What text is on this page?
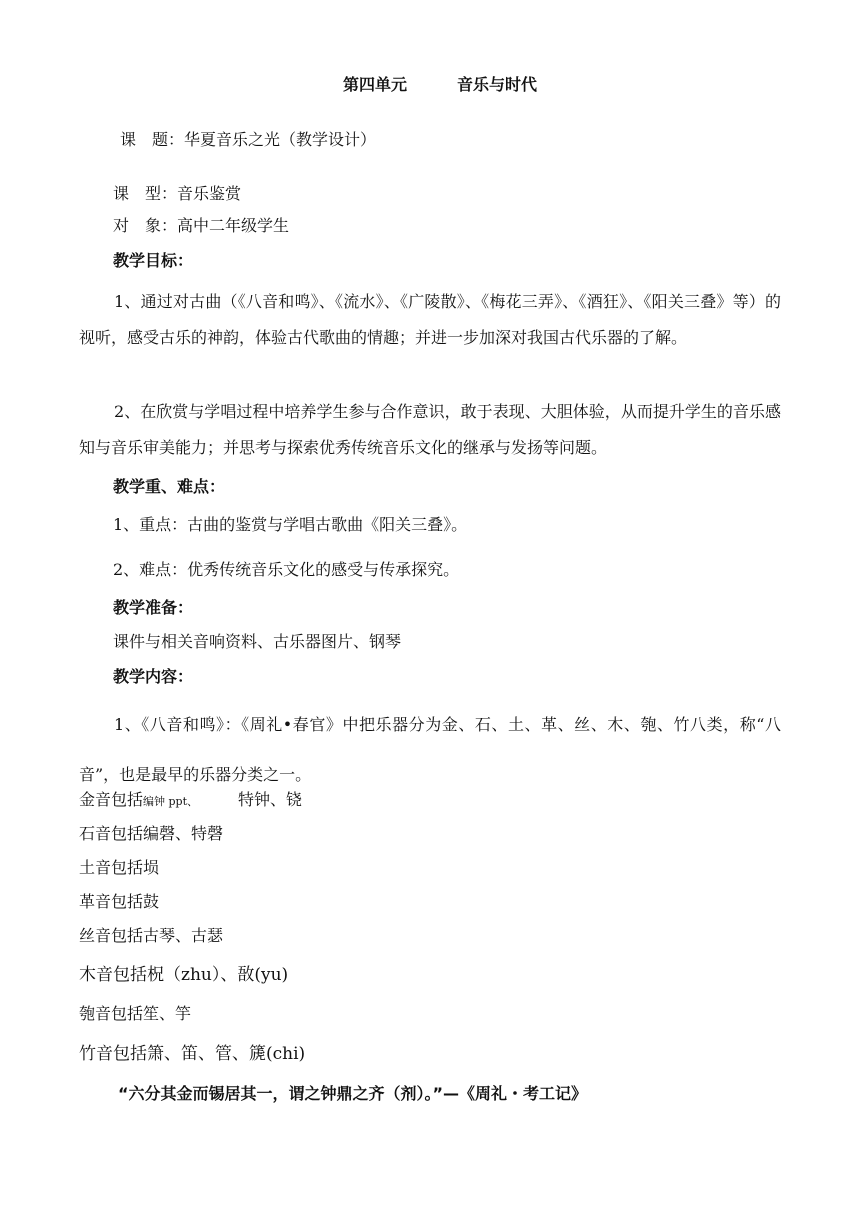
第四单元	音乐与时代
课　题：华夏音乐之光（教学设计）
课　型：音乐鉴赏
对　象：高中二年级学生
教学目标：
1、通过对古曲（《八音和鸣》、《流水》、《广陵散》、《梅花三弄》、《酒狂》、《阳关三叠》等）的视听，感受古乐的神韵，体验古代歌曲的情趣；并进一步加深对我国古代乐器的了解。
2、在欣赏与学唱过程中培养学生参与合作意识，敢于表现、大胆体验，从而提升学生的音乐感知与音乐审美能力；并思考与探索优秀传统音乐文化的继承与发扬等问题。
教学重、难点：
1、重点：古曲的鉴赏与学唱古歌曲《阳关三叠》。
2、难点：优秀传统音乐文化的感受与传承探究。
教学准备：
课件与相关音响资料、古乐器图片、钢琴
教学内容：
1、《八音和鸣》：《周礼•春官》中把乐器分为金、石、土、革、丝、木、匏、竹八类，称“八音”，也是最早的乐器分类之一。
金音包括编钟 ppt、	特钟、铙
石音包括编磬、特磬
土音包括埙
革音包括鼓
丝音包括古琴、古瑟
木音包括柷（zhu）、敔(yu)
匏音包括笙、竽
竹音包括箫、笛、管、篪(chi)
“六分其金而锡居其一，谓之钟鼎之齐（剂）。”—《周礼・考工记》
